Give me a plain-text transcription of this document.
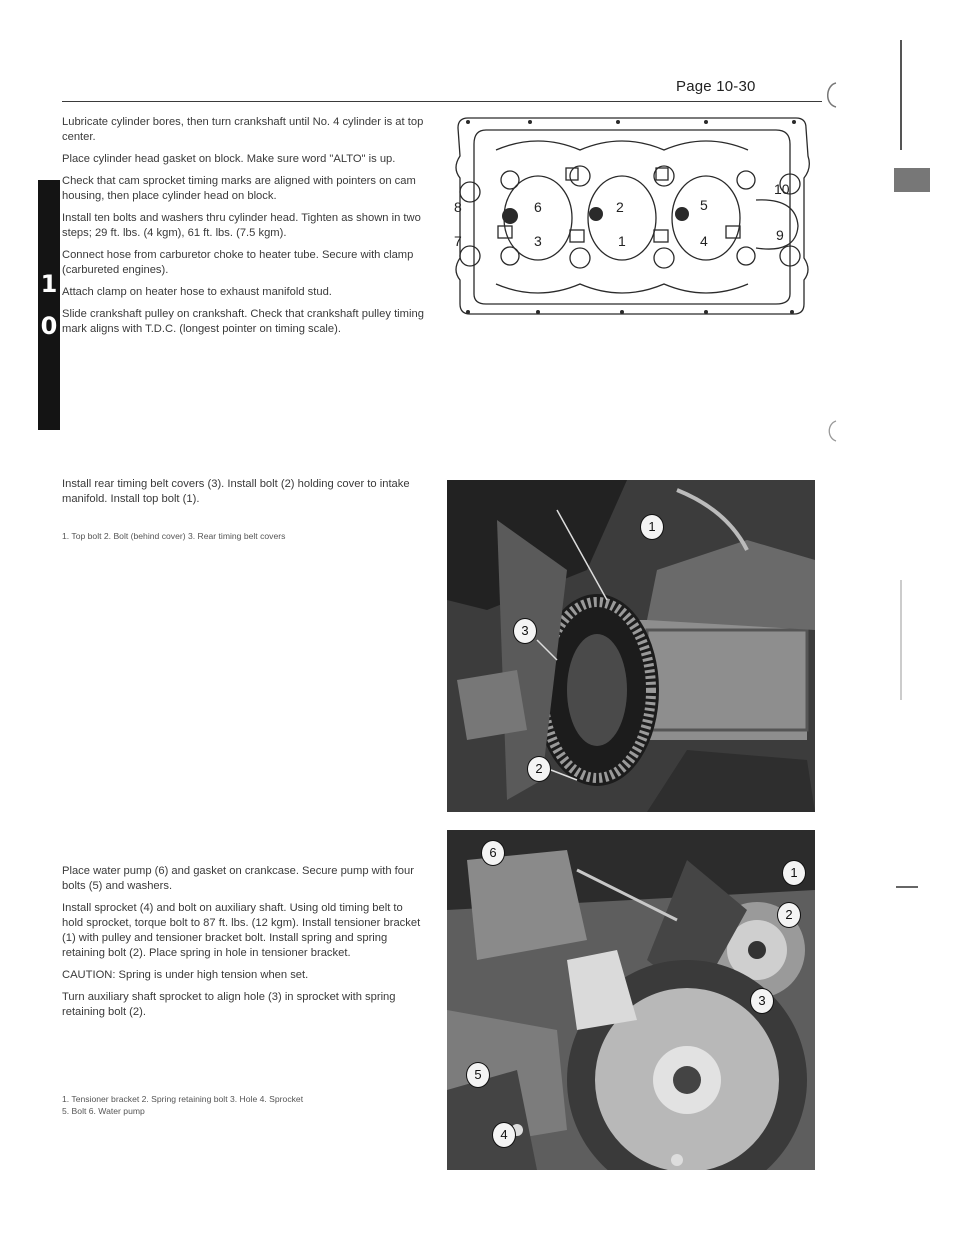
Page 10-30
1
0

Lubricate cylinder bores, then turn crankshaft until No. 4 cylinder is at top center.

Place cylinder head gasket on block. Make sure word "ALTO" is up.

Check that cam sprocket timing marks are aligned with pointers on cam housing, then place cylinder head on block.

Install ten bolts and washers thru cylinder head. Tighten as shown in two steps; 29 ft. lbs. (4 kgm), 61 ft. lbs. (7.5 kgm).

Connect hose from carburetor choke to heater tube. Secure with clamp (carbureted engines).

Attach clamp on heater hose to exhaust manifold stud.

Slide crankshaft pulley on crankshaft. Check that crankshaft pulley timing mark aligns with T.D.C. (longest pointer on timing scale).

8	6	2	5
10
7	3	1	4	9

Install rear timing belt covers (3). Install bolt (2) holding cover to intake manifold. Install top bolt (1).

1. Top bolt 2. Bolt (behind cover) 3. Rear timing belt covers
1
3
2

Place water pump (6) and gasket on crankcase. Secure pump with four bolts (5) and washers.

Install sprocket (4) and bolt on auxiliary shaft. Using old timing belt to hold sprocket, torque bolt to 87 ft. lbs. (12 kgm). Install tensioner bracket (1) with pulley and tensioner bracket bolt. Install spring and spring retaining bolt (2). Place spring in hole in tensioner bracket.

CAUTION: Spring is under high tension when set.

Turn auxiliary shaft sprocket to align hole (3) in sprocket with spring retaining bolt (2).

1. Tensioner bracket 2. Spring retaining bolt 3. Hole 4. Sprocket
5. Bolt 6. Water pump
6
1
2
3
5
4
